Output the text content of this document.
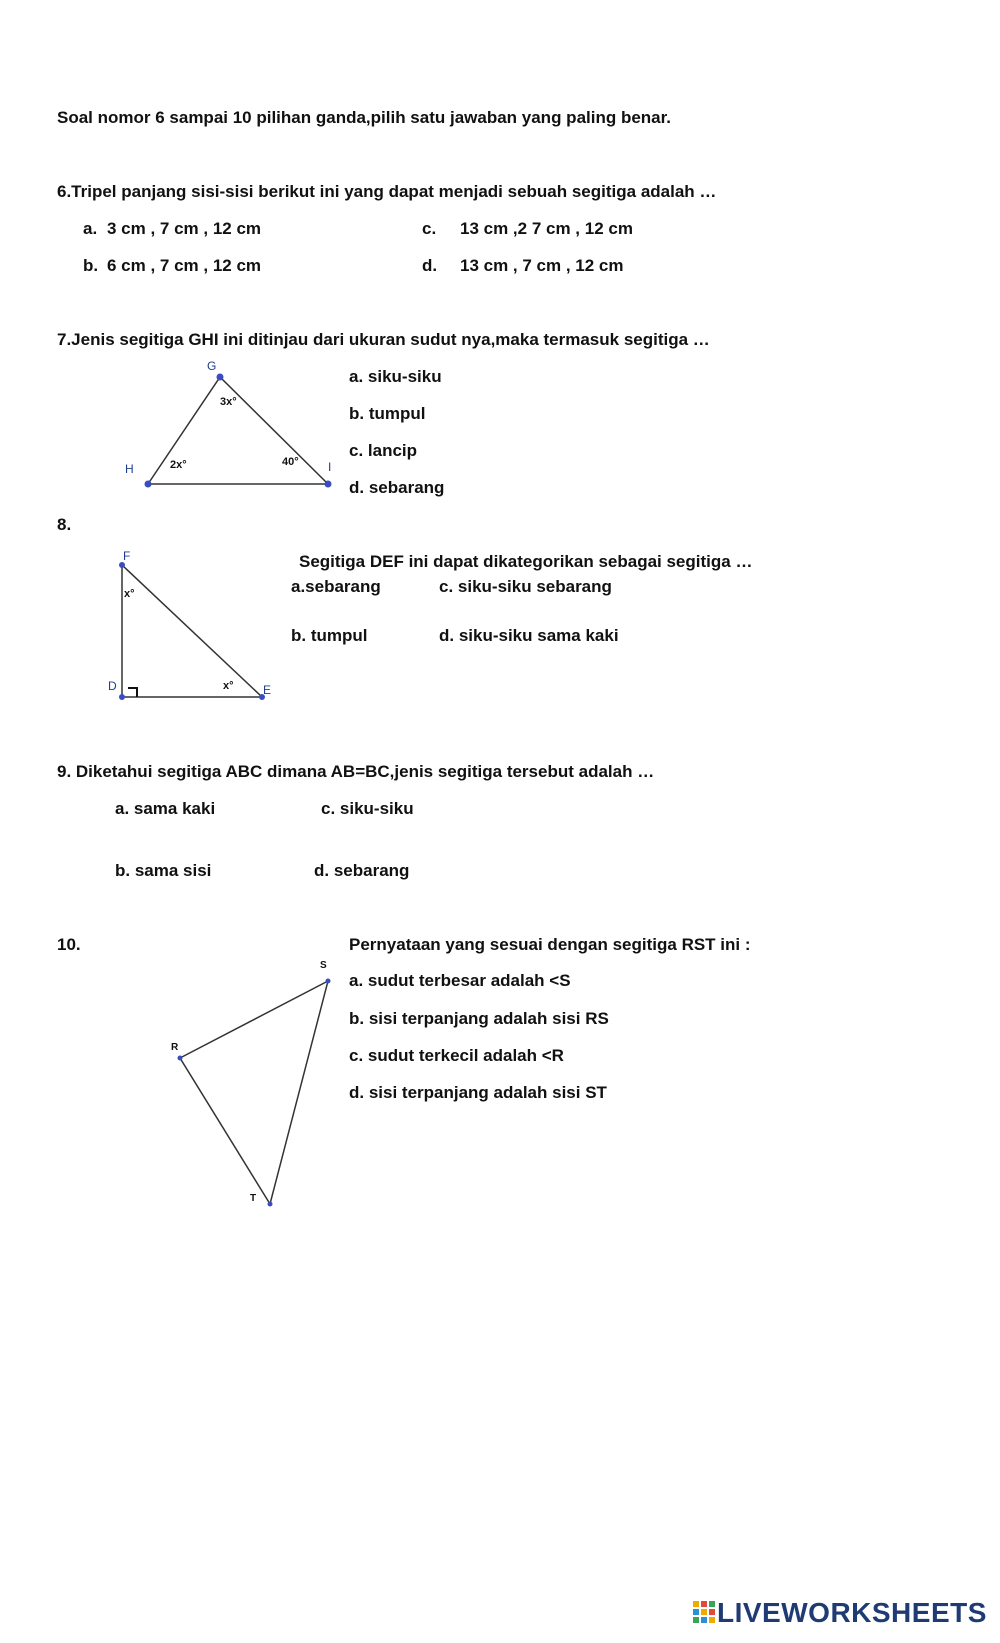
Soal nomor 6 sampai 10 pilihan ganda,pilih satu jawaban yang paling benar.
6.Tripel panjang sisi-sisi berikut ini yang dapat menjadi sebuah segitiga adalah …
a. 3 cm , 7 cm , 12 cm
b. 6 cm , 7 cm , 12 cm
c. 13 cm ,2 7 cm , 12 cm
d. 13 cm , 7 cm , 12 cm
7.Jenis segitiga GHI ini ditinjau dari ukuran sudut nya,maka termasuk segitiga …
G
H	I
3x°
2x°	40°
a. siku-siku
b. tumpul
c. lancip
d. sebarang
8.
F
D	E
x°
x°
Segitiga DEF ini dapat dikategorikan sebagai segitiga …
a.sebarang	c. siku-siku sebarang
b. tumpul	d. siku-siku sama kaki
9. Diketahui segitiga ABC dimana AB=BC,jenis segitiga tersebut adalah …
a. sama kaki	c. siku-siku
b. sama sisi	d. sebarang
10.
S
R
T
Pernyataan yang sesuai dengan segitiga RST ini :
a. sudut terbesar adalah <S
b. sisi terpanjang adalah sisi RS
c. sudut terkecil adalah <R
d. sisi terpanjang adalah sisi ST
LIVEWORKSHEETS
